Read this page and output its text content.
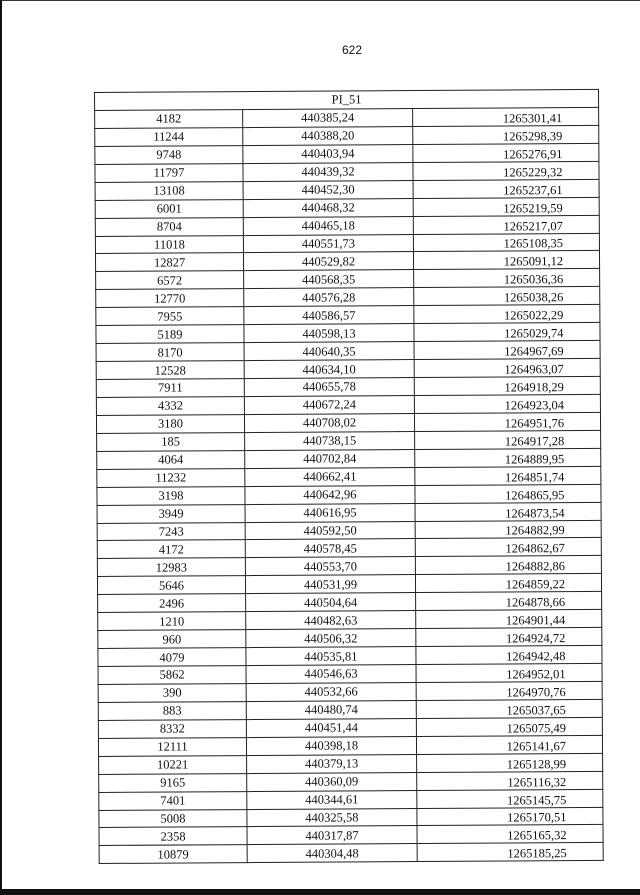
622
PI_51		
4182	440385,24	1265301,41
11244	440388,20	1265298,39
9748	440403,94	1265276,91
11797	440439,32	1265229,32
13108	440452,30	1265237,61
6001	440468,32	1265219,59
8704	440465,18	1265217,07
11018	440551,73	1265108,35
12827	440529,82	1265091,12
6572	440568,35	1265036,36
12770	440576,28	1265038,26
7955	440586,57	1265022,29
5189	440598,13	1265029,74
8170	440640,35	1264967,69
12528	440634,10	1264963,07
7911	440655,78	1264918,29
4332	440672,24	1264923,04
3180	440708,02	1264951,76
185	440738,15	1264917,28
4064	440702,84	1264889,95
11232	440662,41	1264851,74
3198	440642,96	1264865,95
3949	440616,95	1264873,54
7243	440592,50	1264882,99
4172	440578,45	1264862,67
12983	440553,70	1264882,86
5646	440531,99	1264859,22
2496	440504,64	1264878,66
1210	440482,63	1264901,44
960	440506,32	1264924,72
4079	440535,81	1264942,48
5862	440546,63	1264952,01
390	440532,66	1264970,76
883	440480,74	1265037,65
8332	440451,44	1265075,49
12111	440398,18	1265141,67
10221	440379,13	1265128,99
9165	440360,09	1265116,32
7401	440344,61	1265145,75
5008	440325,58	1265170,51
2358	440317,87	1265165,32
10879	440304,48	1265185,25
